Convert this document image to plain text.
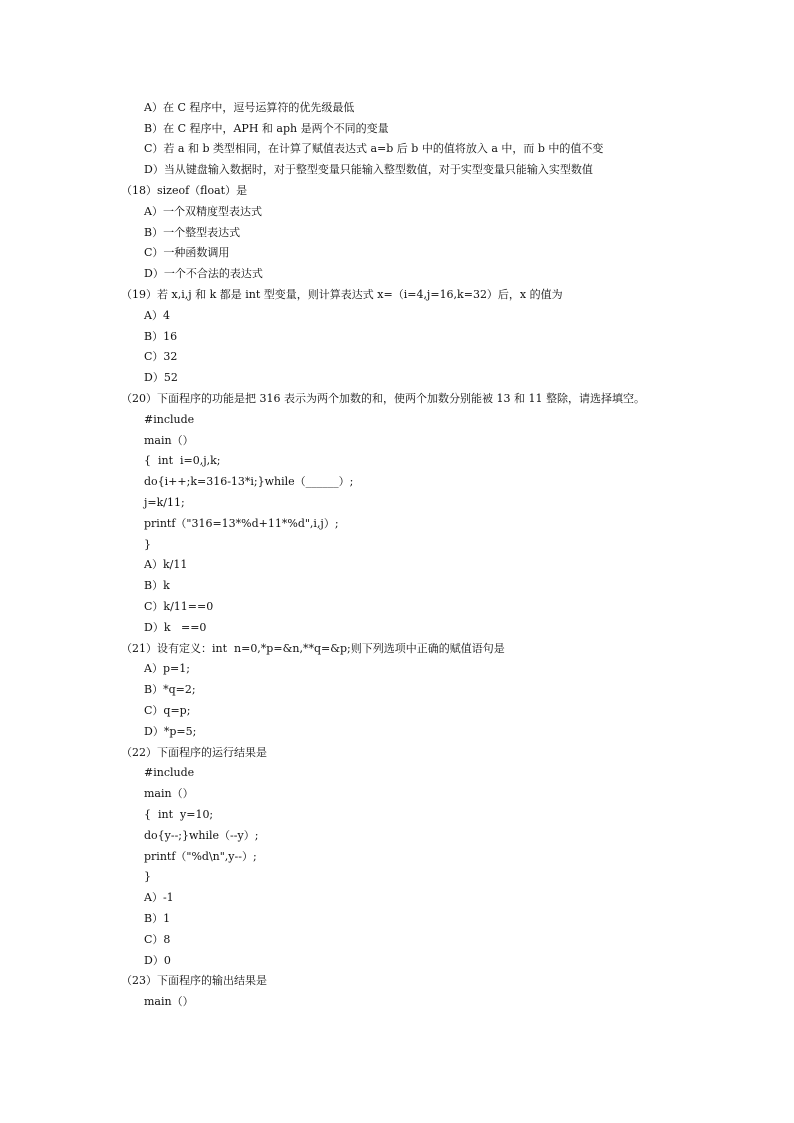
A）在 C 程序中，逗号运算符的优先级最低

B）在 C 程序中，APH 和 aph 是两个不同的变量

C）若 a 和 b 类型相同，在计算了赋值表达式 a=b 后 b 中的值将放入 a 中，而 b 中的值不变

D）当从键盘输入数据时，对于整型变量只能输入整型数值，对于实型变量只能输入实型数值

（18）sizeof（float）是

A）一个双精度型表达式

B）一个整型表达式

C）一种函数调用

D）一个不合法的表达式

（19）若 x,i,j 和 k 都是 int 型变量，则计算表达式 x=（i=4,j=16,k=32）后，x 的值为

A）4

B）16

C）32

D）52

（20）下面程序的功能是把 316 表示为两个加数的和，使两个加数分别能被 13 和 11 整除，请选择填空。

#include

main（）

{  int  i=0,j,k;

do{i++;k=316-13*i;}while（______）;

j=k/11;

printf（"316=13*%d+11*%d",i,j）;

}

A）k/11

B）k

C）k/11==0

D）k   ==0

（21）设有定义：int  n=0,*p=&n,**q=&p;则下列选项中正确的赋值语句是

A）p=1;

B）*q=2;

C）q=p;

D）*p=5;

（22）下面程序的运行结果是

#include

main（）

{  int  y=10;

do{y--;}while（--y）;

printf（"%d\n",y--）;

}

A）-1

B）1

C）8

D）0

（23）下面程序的输出结果是

main（）
